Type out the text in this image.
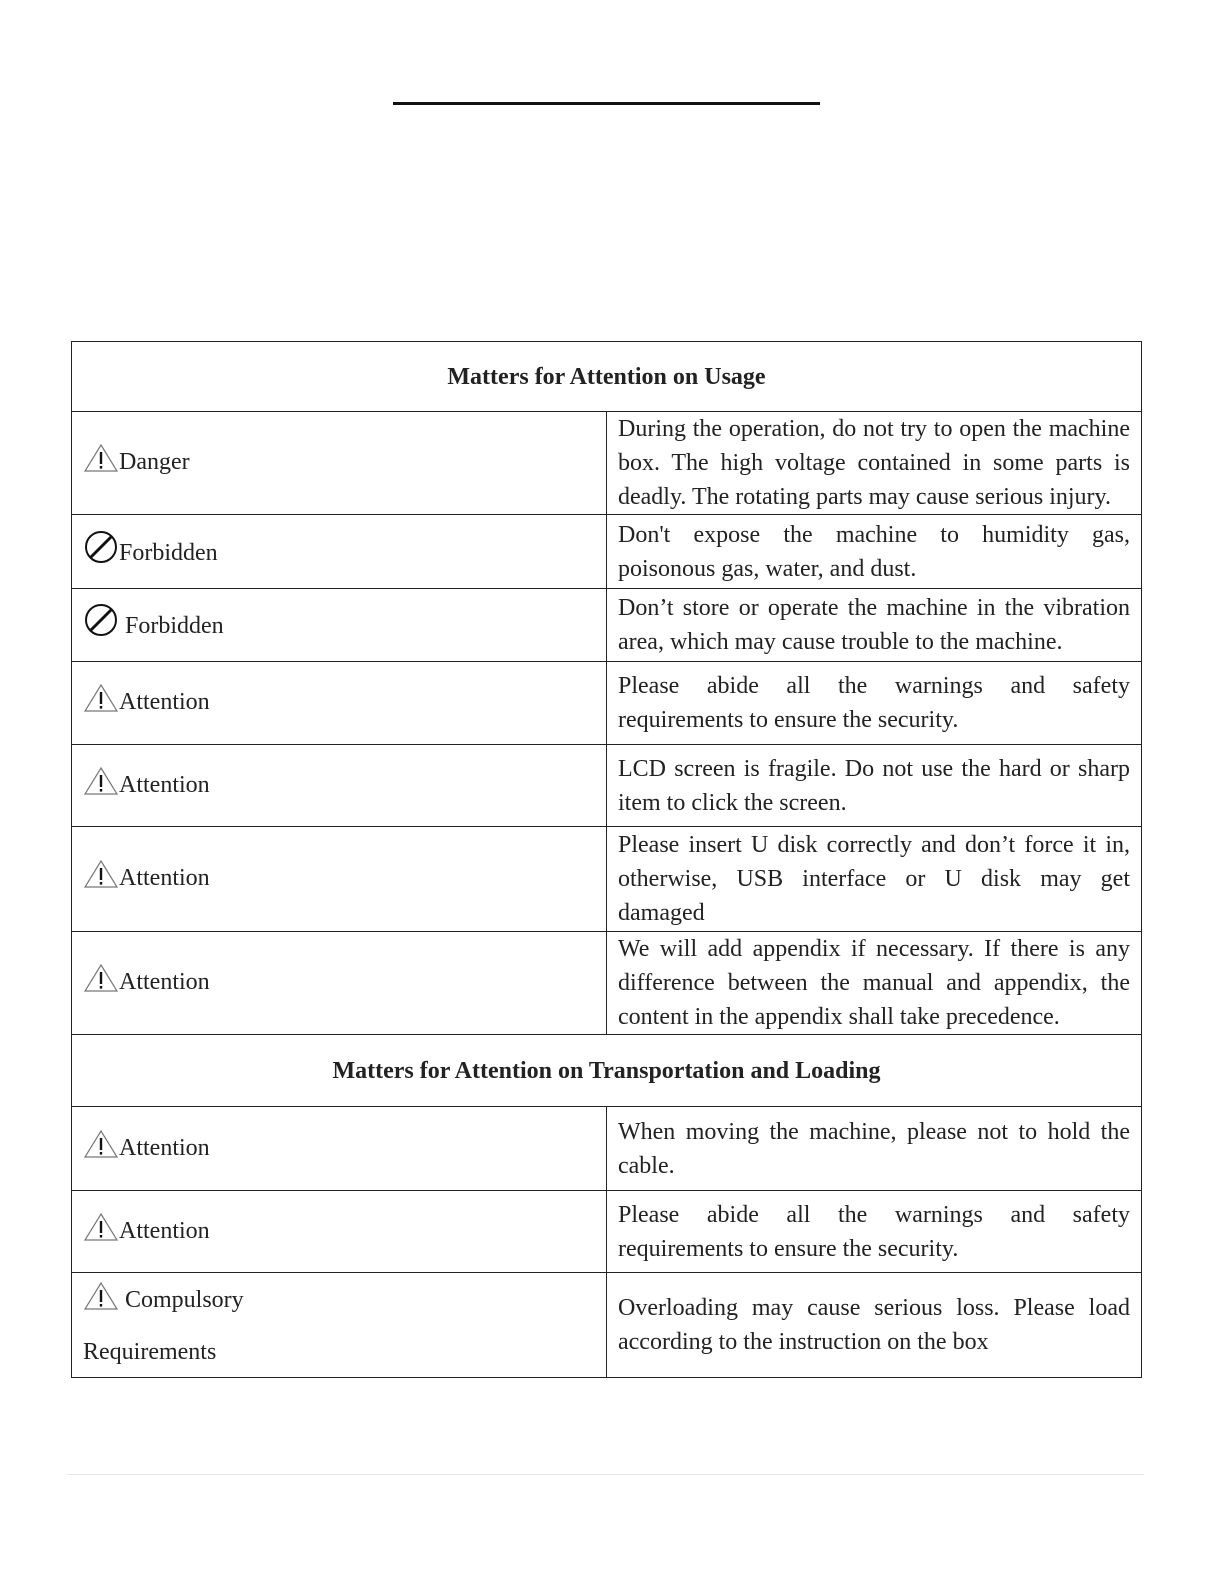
Matters for Attention on Usage	
Danger	During the operation, do not try to open the machine box. The high voltage contained in some parts is deadly. The rotating parts may cause serious injury.
Forbidden	Don't expose the machine to humidity gas, poisonous gas, water, and dust.
Forbidden	Don’t store or operate the machine in the vibration area, which may cause trouble to the machine.
Attention	Please abide all the warnings and safety requirements to ensure the security.
Attention	LCD screen is fragile. Do not use the hard or sharp item to click the screen.
Attention	Please insert U disk correctly and don’t force it in, otherwise, USB interface or U disk may get damaged
Attention	We will add appendix if necessary. If there is any difference between the manual and appendix, the content in the appendix shall take precedence.
Matters for Attention on Transportation and Loading	
Attention	When moving the machine, please not to hold the cable.
Attention	Please abide all the warnings and safety requirements to ensure the security.
Compulsory
Requirements	Overloading may cause serious loss. Please load according to the instruction on the box
